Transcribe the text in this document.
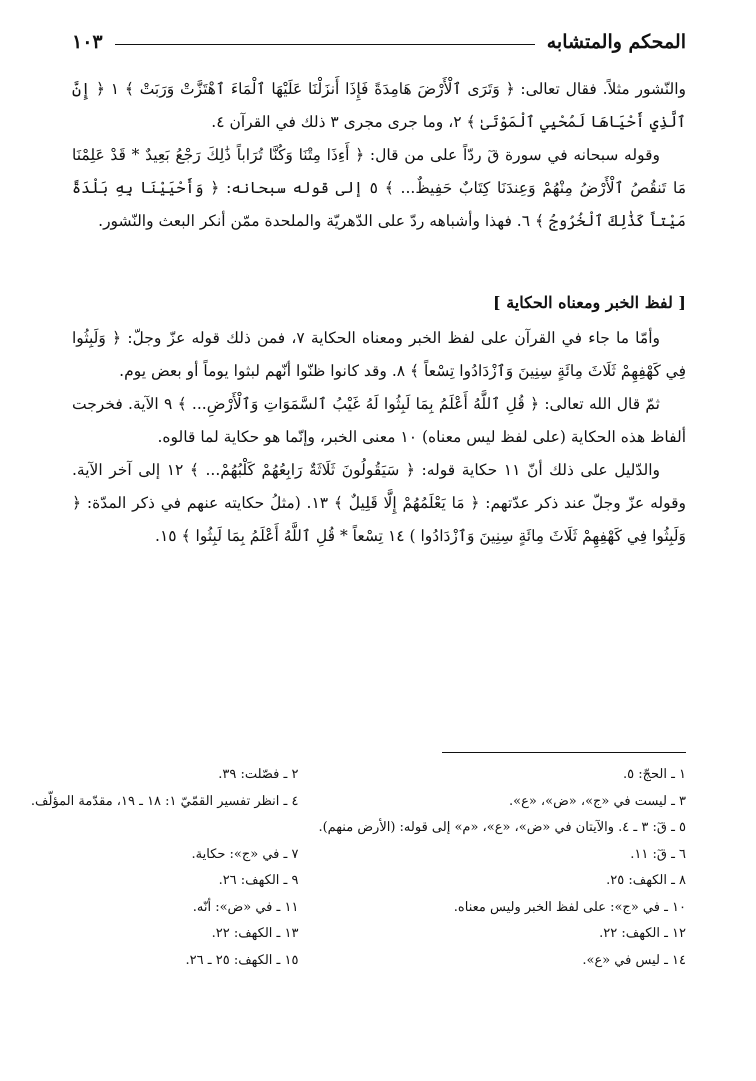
المحكم والمتشابه
١٠٣

والنّشور مثلاً. فقال تعالى: ﴿ وَتَرَى ٱلْأَرْضَ هَامِدَةً فَإِذَا أَنزَلْنَا عَلَيْهَا ٱلْمَاءَ ٱهْتَزَّتْ وَرَبَتْ ﴾ ١ ﴿ إِنَّ ٱلَّذِي أَحْيَاهَا لَمُحْيِي ٱلْمَوْتَىٰ ﴾ ٢، وما جرى مجرى ٣ ذلك في القرآن ٤.

وقوله سبحانه في سورة قٓ ردّاً على من قال: ﴿ أَءِذَا مِتْنَا وَكُنَّا تُرَاباً ذَٰلِكَ رَجْعُ بَعِيدٌ * قَدْ عَلِمْنَا مَا تَنقُصُ ٱلْأَرْضُ مِنْهُمْ وَعِندَنَا كِتَابٌ حَفِيظٌ... ﴾ ٥ إلى قوله سبحانه: ﴿ وَأَحْيَيْنَا بِهِ بَلْدَةً مَيْتاً كَذَٰلِكَ ٱلْخُرُوجُ ﴾ ٦. فهذا وأشباهه ردّ على الدّهريّة والملحدة ممّن أنكر البعث والنّشور.

[ لفظ الخبر ومعناه الحكاية ]

وأمّا ما جاء في القرآن على لفظ الخبر ومعناه الحكاية ٧، فمن ذلك قوله عزّ وجلّ: ﴿ وَلَبِثُوا فِي كَهْفِهِمْ ثَلَاثَ مِائَةٍ سِنِينَ وَٱزْدَادُوا تِسْعاً ﴾ ٨. وقد كانوا ظنّوا أنّهم لبثوا يوماً أو بعض يوم.

ثمّ قال الله تعالى: ﴿ قُلِ ٱللَّهُ أَعْلَمُ بِمَا لَبِثُوا لَهُ غَيْبُ ٱلسَّمَوَاتِ وَٱلْأَرْضِ... ﴾ ٩ الآية. فخرجت ألفاظ هذه الحكاية (على لفظ ليس معناه) ١٠ معنى الخبر، وإنّما هو حكاية لما قالوه.

والدّليل على ذلك أنّ ١١ حكاية قوله: ﴿ سَيَقُولُونَ ثَلَاثَةٌ رَابِعُهُمْ كَلْبُهُمْ... ﴾ ١٢ إلى آخر الآية. وقوله عزّ وجلّ عند ذكر عدّتهم: ﴿ مَا يَعْلَمُهُمْ إِلَّا قَلِيلٌ ﴾ ١٣. (مثلُ حكايته عنهم في ذكر المدّة: ﴿ وَلَبِثُوا فِي كَهْفِهِمْ ثَلَاثَ مِائَةٍ سِنِينَ وَٱزْدَادُوا ) ١٤ تِسْعاً * قُلِ ٱللَّهُ أَعْلَمُ بِمَا لَبِثُوا ﴾ ١٥.

١ ـ الحجّ: ٥.
٢ ـ فصّلت: ٣٩.
٣ ـ ليست في «ج»، «ض»، «ع».
٤ ـ انظر تفسير القمّيّ ١: ١٨ ـ ١٩، مقدّمة المؤلّف.
٥ ـ قٓ: ٣ ـ ٤. والآيتان في «ض»، «ع»، «م» إلى قوله: (الأرض منهم).
٦ ـ قٓ: ١١.
٧ ـ في «ج»: حكاية.
٨ ـ الكهف: ٢٥.
٩ ـ الكهف: ٢٦.
١٠ ـ في «ج»: على لفظ الخبر وليس معناه.
١١ ـ في «ض»: أنّه.
١٢ ـ الكهف: ٢٢.
١٣ ـ الكهف: ٢٢.
١٤ ـ ليس في «ع».
١٥ ـ الكهف: ٢٥ ـ ٢٦.
